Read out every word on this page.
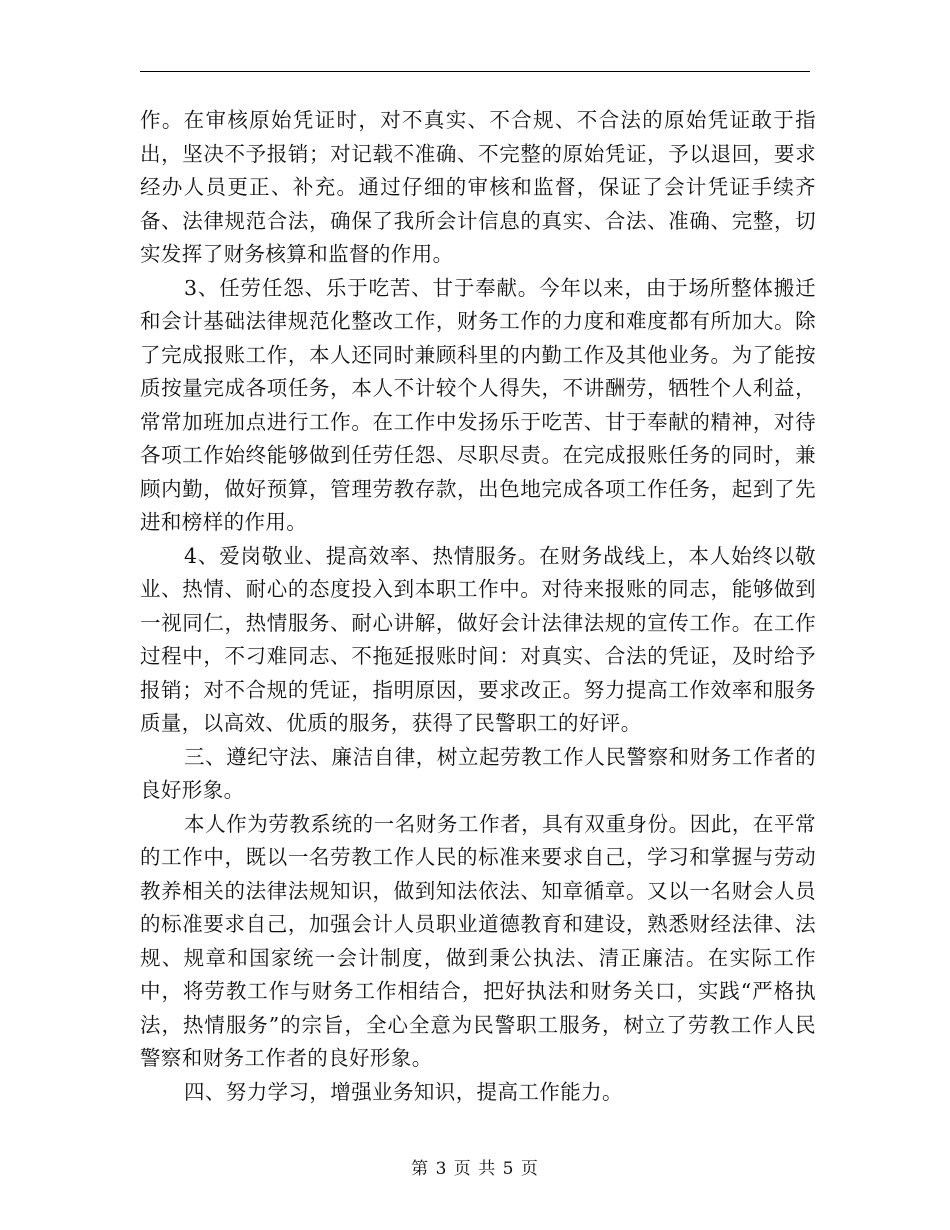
作。在审核原始凭证时，对不真实、不合规、不合法的原始凭证敢于指出，坚决不予报销；对记载不准确、不完整的原始凭证，予以退回，要求经办人员更正、补充。通过仔细的审核和监督，保证了会计凭证手续齐备、法律规范合法，确保了我所会计信息的真实、合法、准确、完整，切实发挥了财务核算和监督的作用。

3、任劳任怨、乐于吃苦、甘于奉献。今年以来，由于场所整体搬迁和会计基础法律规范化整改工作，财务工作的力度和难度都有所加大。除了完成报账工作，本人还同时兼顾科里的内勤工作及其他业务。为了能按质按量完成各项任务，本人不计较个人得失，不讲酬劳，牺牲个人利益，常常加班加点进行工作。在工作中发扬乐于吃苦、甘于奉献的精神，对待各项工作始终能够做到任劳任怨、尽职尽责。在完成报账任务的同时，兼顾内勤，做好预算，管理劳教存款，出色地完成各项工作任务，起到了先进和榜样的作用。

4、爱岗敬业、提高效率、热情服务。在财务战线上，本人始终以敬业、热情、耐心的态度投入到本职工作中。对待来报账的同志，能够做到一视同仁，热情服务、耐心讲解，做好会计法律法规的宣传工作。在工作过程中，不刁难同志、不拖延报账时间：对真实、合法的凭证，及时给予报销；对不合规的凭证，指明原因，要求改正。努力提高工作效率和服务质量，以高效、优质的服务，获得了民警职工的好评。

三、遵纪守法、廉洁自律，树立起劳教工作人民警察和财务工作者的良好形象。

本人作为劳教系统的一名财务工作者，具有双重身份。因此，在平常的工作中，既以一名劳教工作人民的标准来要求自己，学习和掌握与劳动教养相关的法律法规知识，做到知法依法、知章循章。又以一名财会人员的标准要求自己，加强会计人员职业道德教育和建设，熟悉财经法律、法规、规章和国家统一会计制度，做到秉公执法、清正廉洁。在实际工作中，将劳教工作与财务工作相结合，把好执法和财务关口，实践“严格执法，热情服务”的宗旨，全心全意为民警职工服务，树立了劳教工作人民警察和财务工作者的良好形象。

四、努力学习，增强业务知识，提高工作能力。

第 3 页 共 5 页
